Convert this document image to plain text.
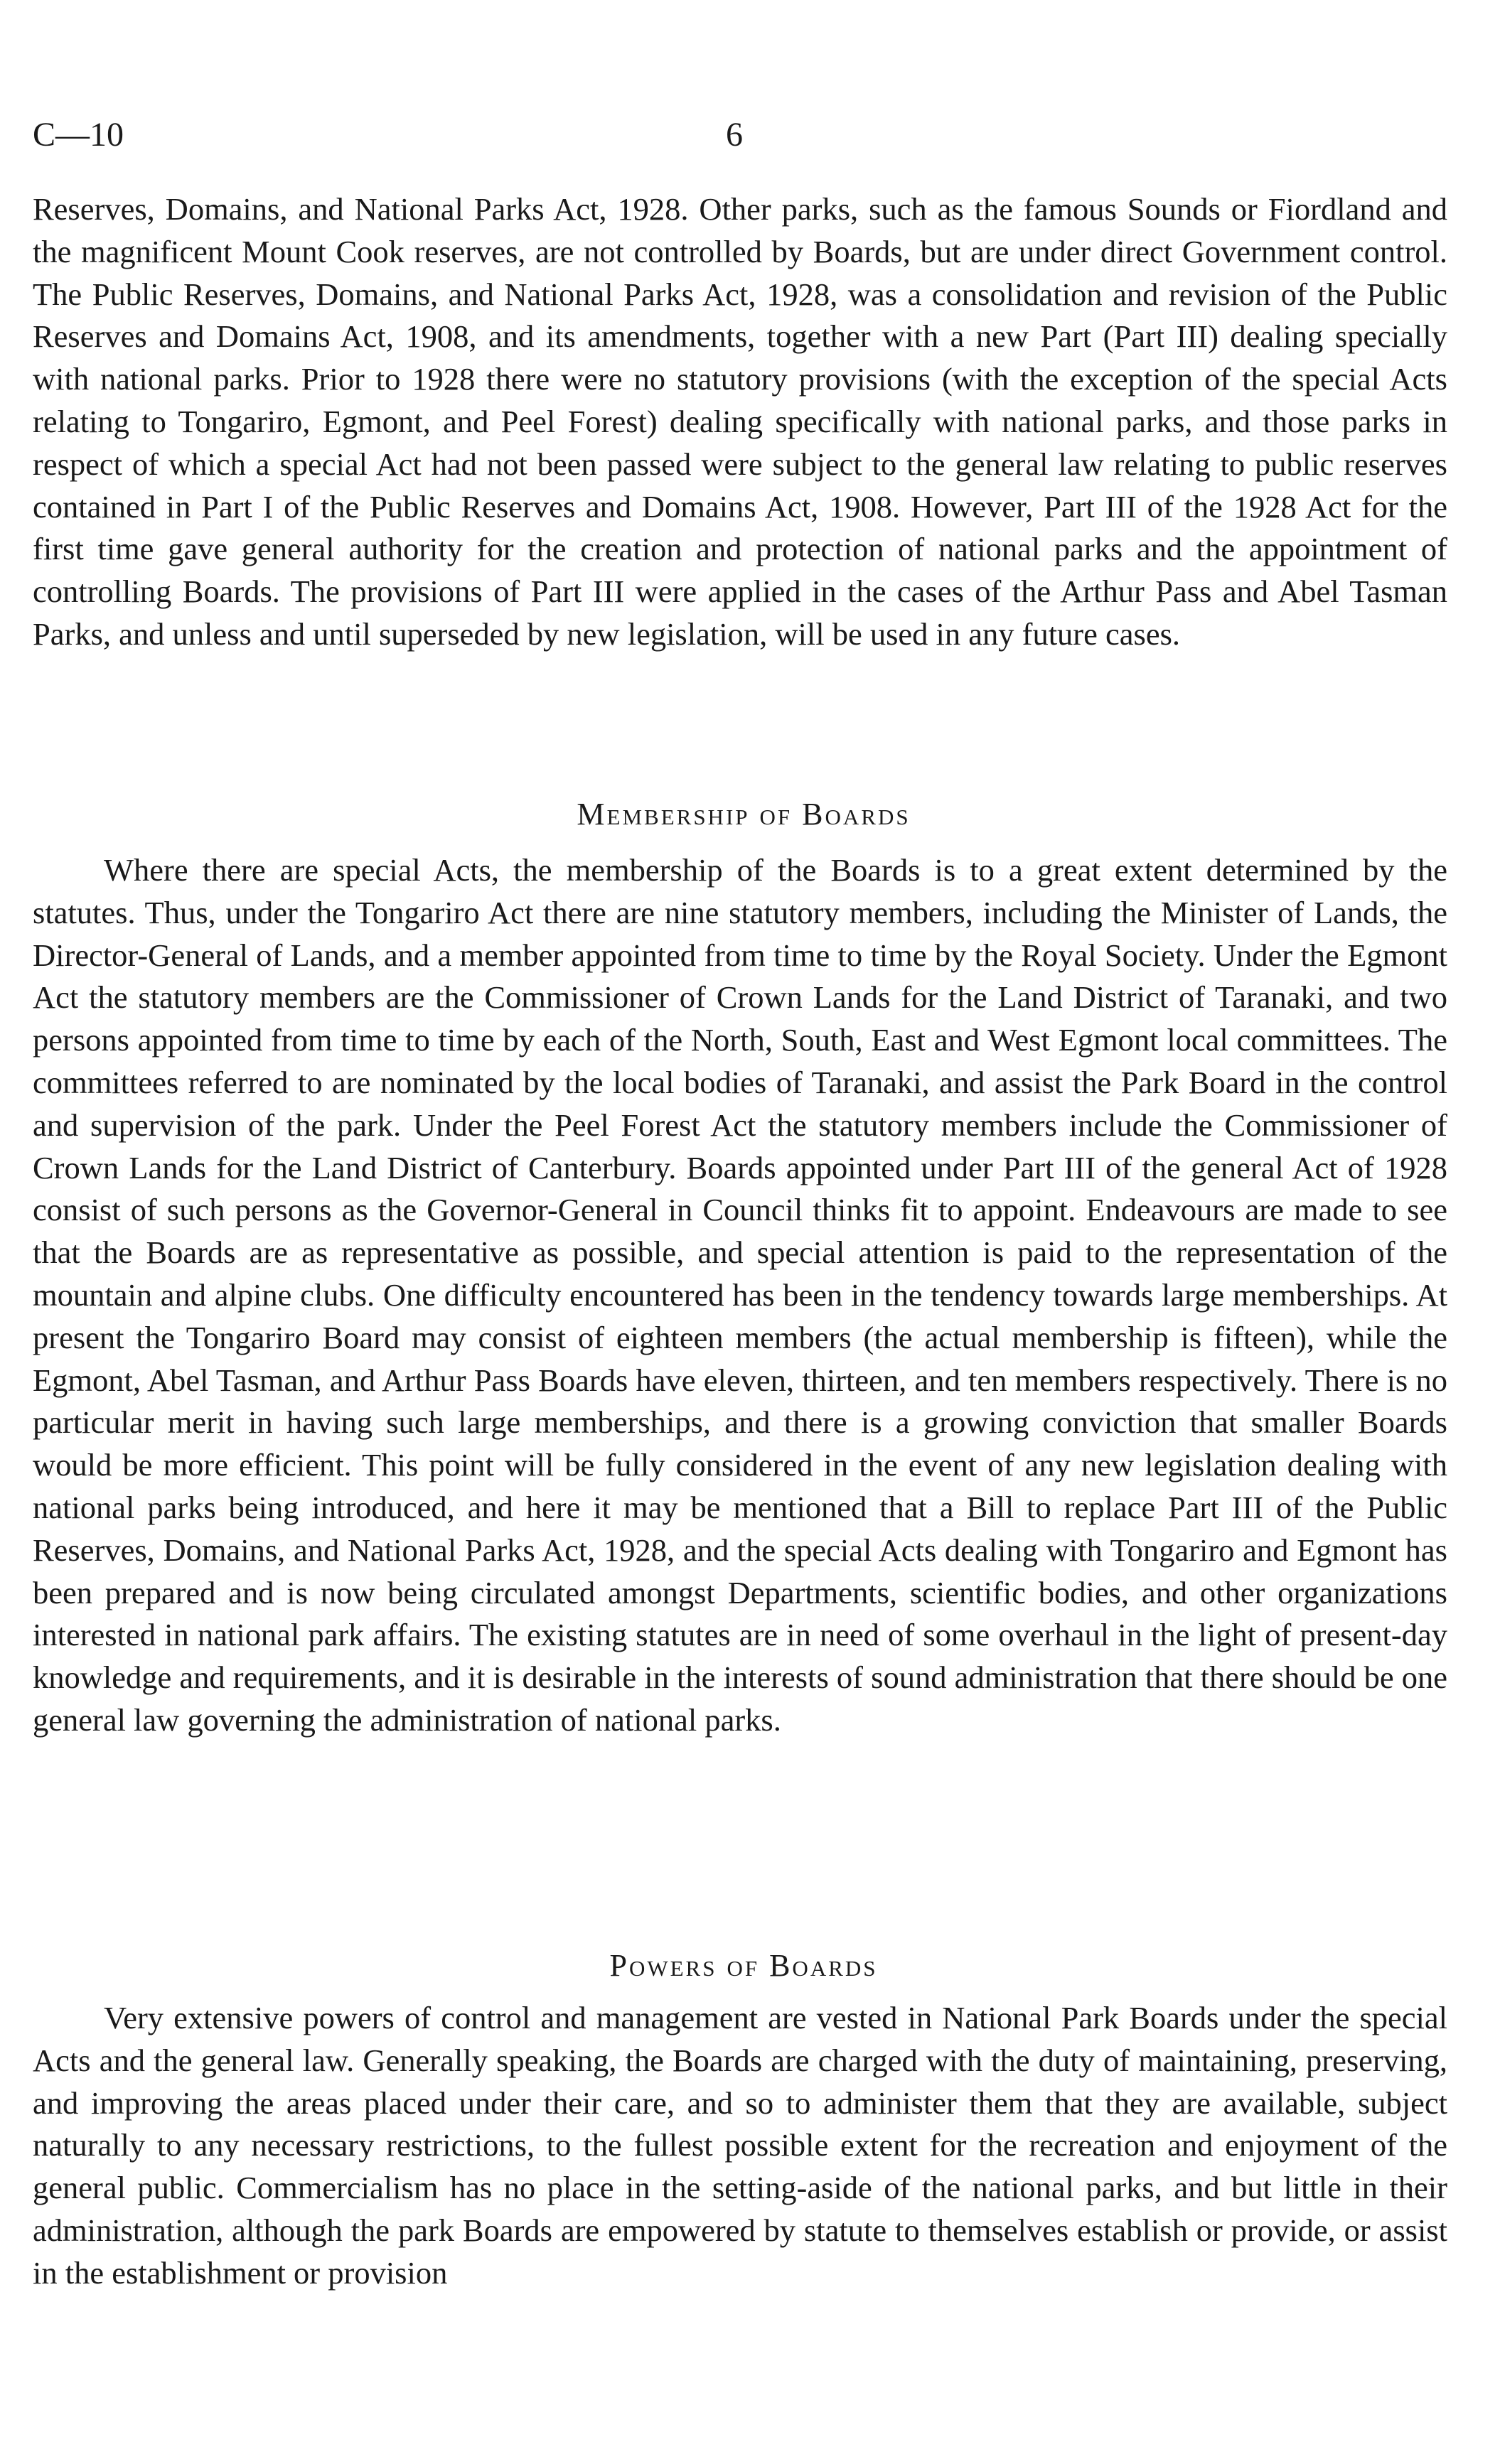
C—10	6
Reserves, Domains, and National Parks Act, 1928. Other parks, such as the famous Sounds or Fiordland and the magnificent Mount Cook reserves, are not controlled by Boards, but are under direct Government control. The Public Reserves, Domains, and National Parks Act, 1928, was a consolidation and revision of the Public Reserves and Domains Act, 1908, and its amendments, together with a new Part (Part III) dealing specially with national parks. Prior to 1928 there were no statutory provisions (with the exception of the special Acts relating to Tongariro, Egmont, and Peel Forest) dealing specifically with national parks, and those parks in respect of which a special Act had not been passed were subject to the general law relating to public reserves contained in Part I of the Public Reserves and Domains Act, 1908. However, Part III of the 1928 Act for the first time gave general authority for the creation and protection of national parks and the appointment of controlling Boards. The provisions of Part III were applied in the cases of the Arthur Pass and Abel Tasman Parks, and unless and until superseded by new legislation, will be used in any future cases.
Membership of Boards
Where there are special Acts, the membership of the Boards is to a great extent determined by the statutes. Thus, under the Tongariro Act there are nine statutory members, including the Minister of Lands, the Director-General of Lands, and a member appointed from time to time by the Royal Society. Under the Egmont Act the statutory members are the Commissioner of Crown Lands for the Land District of Taranaki, and two persons appointed from time to time by each of the North, South, East and West Egmont local committees. The committees referred to are nominated by the local bodies of Taranaki, and assist the Park Board in the control and supervision of the park. Under the Peel Forest Act the statutory members include the Commissioner of Crown Lands for the Land District of Canterbury. Boards appointed under Part III of the general Act of 1928 consist of such persons as the Governor-General in Council thinks fit to appoint. Endeavours are made to see that the Boards are as representative as possible, and special attention is paid to the representation of the mountain and alpine clubs. One difficulty encountered has been in the tendency towards large memberships. At present the Tongariro Board may consist of eighteen members (the actual membership is fifteen), while the Egmont, Abel Tasman, and Arthur Pass Boards have eleven, thirteen, and ten members respectively. There is no particular merit in having such large memberships, and there is a growing conviction that smaller Boards would be more efficient. This point will be fully considered in the event of any new legislation dealing with national parks being introduced, and here it may be mentioned that a Bill to replace Part III of the Public Reserves, Domains, and National Parks Act, 1928, and the special Acts dealing with Tongariro and Egmont has been prepared and is now being circulated amongst Departments, scientific bodies, and other organizations interested in national park affairs. The existing statutes are in need of some overhaul in the light of present-day knowledge and requirements, and it is desirable in the interests of sound administration that there should be one general law governing the administration of national parks.
Powers of Boards
Very extensive powers of control and management are vested in National Park Boards under the special Acts and the general law. Generally speaking, the Boards are charged with the duty of maintaining, preserving, and improving the areas placed under their care, and so to administer them that they are available, subject naturally to any necessary restrictions, to the fullest possible extent for the recreation and enjoyment of the general public. Commercialism has no place in the setting-aside of the national parks, and but little in their administration, although the park Boards are empowered by statute to themselves establish or provide, or assist in the establishment or provision
